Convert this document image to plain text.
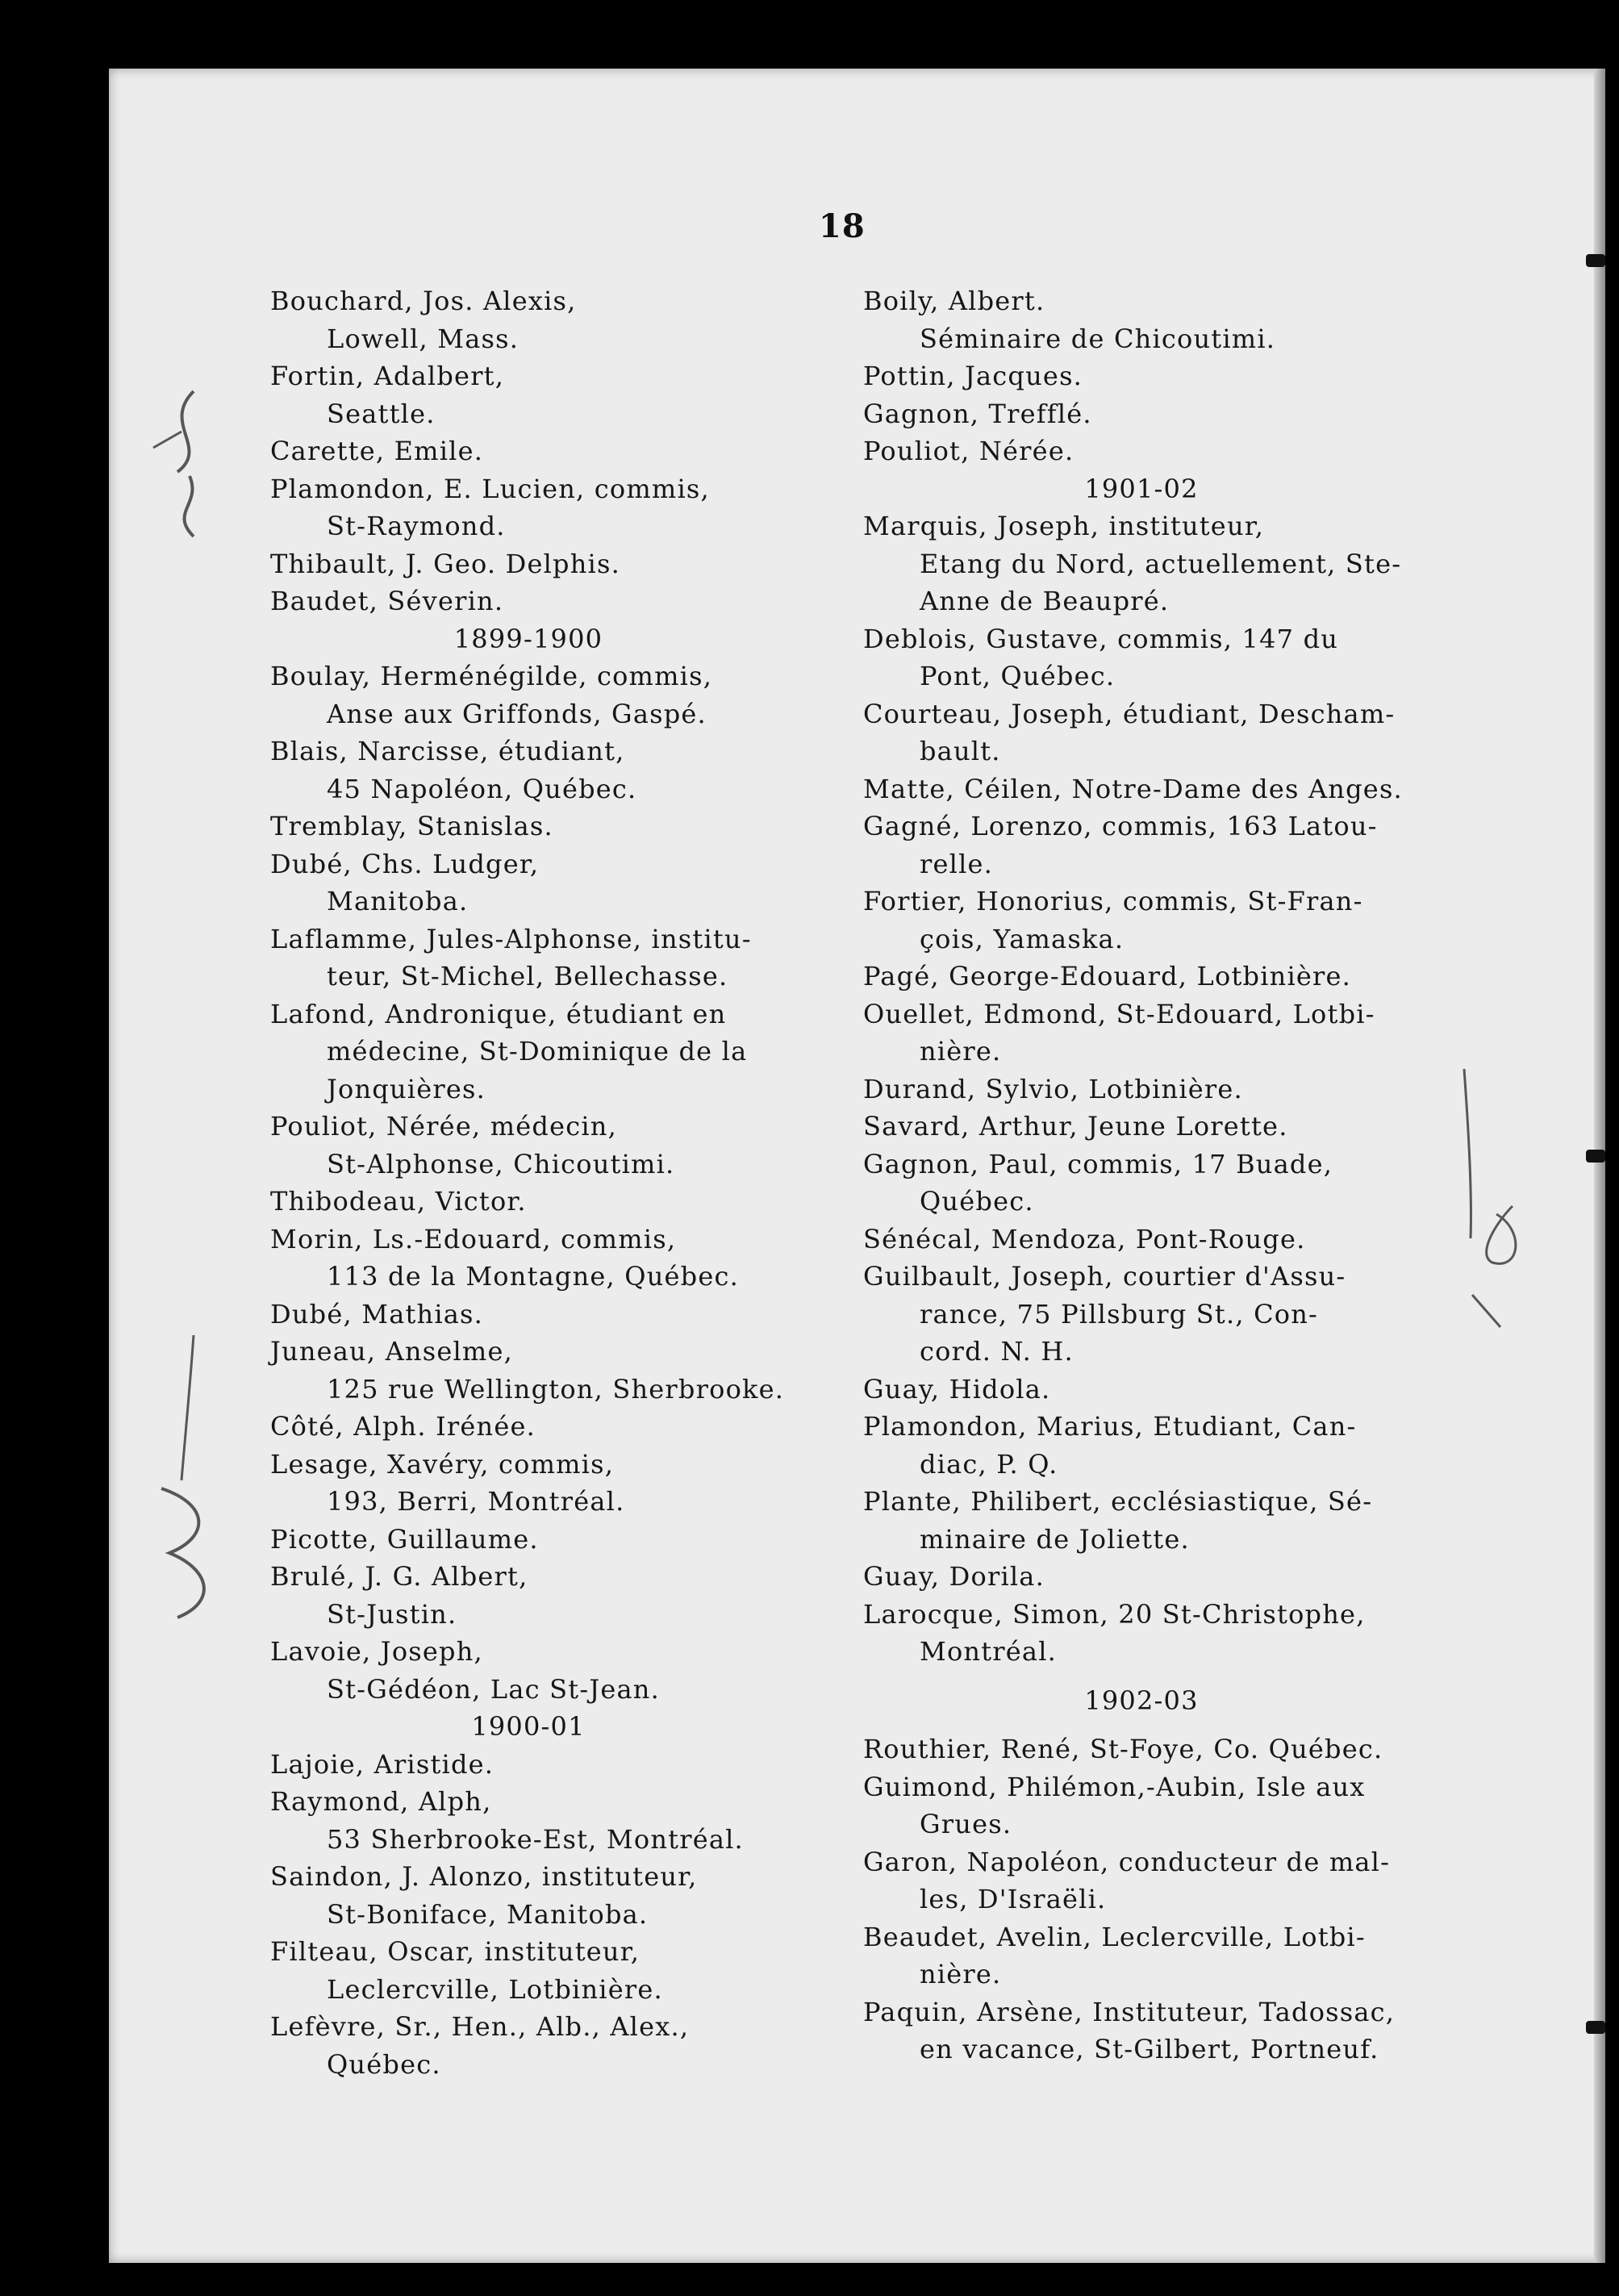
18

Bouchard, Jos. Alexis,

Lowell, Mass.

Fortin, Adalbert,

Seattle.

Carette, Emile.

Plamondon, E. Lucien, commis,

St-Raymond.

Thibault, J. Geo. Delphis.

Baudet, Séverin.

1899-1900

Boulay, Herménégilde, commis,

Anse aux Griffonds, Gaspé.

Blais, Narcisse, étudiant,

45 Napoléon, Québec.

Tremblay, Stanislas.

Dubé, Chs. Ludger,

Manitoba.

Laflamme, Jules-Alphonse, institu-

teur, St-Michel, Bellechasse.

Lafond, Andronique, étudiant en

médecine, St-Dominique de la

Jonquières.

Pouliot, Nérée, médecin,

St-Alphonse, Chicoutimi.

Thibodeau, Victor.

Morin, Ls.-Edouard, commis,

113 de la Montagne, Québec.

Dubé, Mathias.

Juneau, Anselme,

125 rue Wellington, Sherbrooke.

Côté, Alph. Irénée.

Lesage, Xavéry, commis,

193, Berri, Montréal.

Picotte, Guillaume.

Brulé, J. G. Albert,

St-Justin.

Lavoie, Joseph,

St-Gédéon, Lac St-Jean.

1900-01

Lajoie, Aristide.

Raymond, Alph,

53 Sherbrooke-Est, Montréal.

Saindon, J. Alonzo, instituteur,

St-Boniface, Manitoba.

Filteau, Oscar, instituteur,

Leclercville, Lotbinière.

Lefèvre, Sr., Hen., Alb., Alex.,

Québec.

Boily, Albert.

Séminaire de Chicoutimi.

Pottin, Jacques.

Gagnon, Trefflé.

Pouliot, Nérée.

1901-02

Marquis, Joseph, instituteur,

Etang du Nord, actuellement, Ste-

Anne de Beaupré.

Deblois, Gustave, commis, 147 du

Pont, Québec.

Courteau, Joseph, étudiant, Descham-

bault.

Matte, Céilen, Notre-Dame des Anges.

Gagné, Lorenzo, commis, 163 Latou-

relle.

Fortier, Honorius, commis, St-Fran-

çois, Yamaska.

Pagé, George-Edouard, Lotbinière.

Ouellet, Edmond, St-Edouard, Lotbi-

nière.

Durand, Sylvio, Lotbinière.

Savard, Arthur, Jeune Lorette.

Gagnon, Paul, commis, 17 Buade,

Québec.

Sénécal, Mendoza, Pont-Rouge.

Guilbault, Joseph, courtier d'Assu-

rance, 75 Pillsburg St., Con-

cord. N. H.

Guay, Hidola.

Plamondon, Marius, Etudiant, Can-

diac, P. Q.

Plante, Philibert, ecclésiastique, Sé-

minaire de Joliette.

Guay, Dorila.

Larocque, Simon, 20 St-Christophe,

Montréal.

1902-03

Routhier, René, St-Foye, Co. Québec.

Guimond, Philémon,-Aubin, Isle aux

Grues.

Garon, Napoléon, conducteur de mal-

les, D'Israëli.

Beaudet, Avelin, Leclercville, Lotbi-

nière.

Paquin, Arsène, Instituteur, Tadossac,

en vacance, St-Gilbert, Portneuf.
